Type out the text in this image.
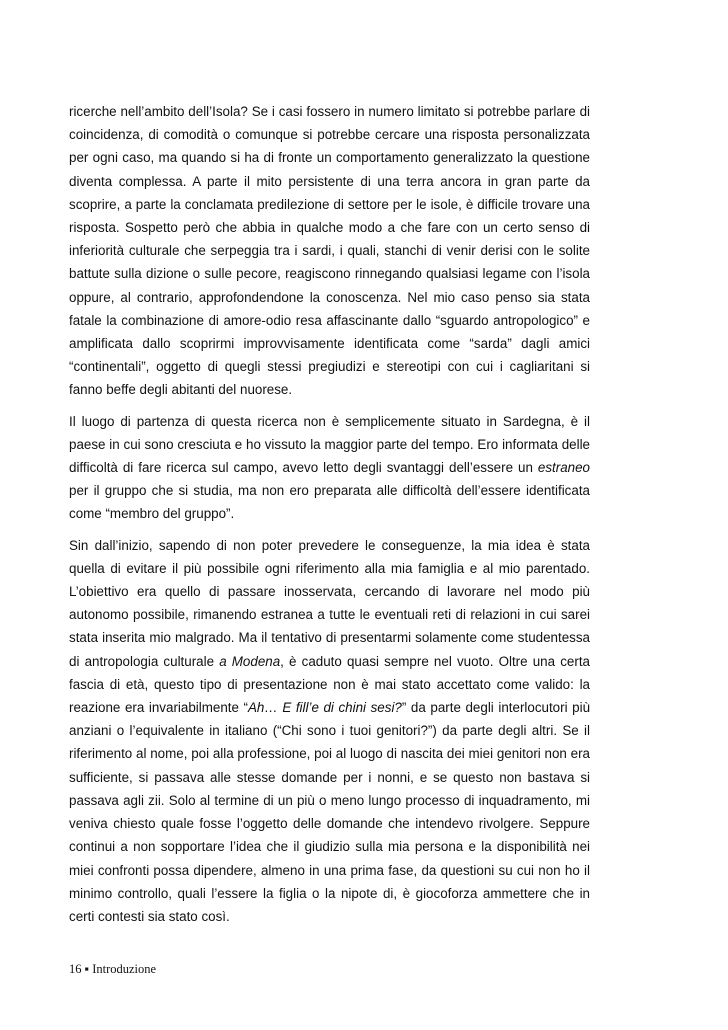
ricerche nell’ambito dell’Isola? Se i casi fossero in numero limitato si potrebbe parlare di coincidenza, di comodità o comunque si potrebbe cercare una risposta personalizzata per ogni caso, ma quando si ha di fronte un comportamento generalizzato la questione diventa complessa. A parte il mito persistente di una terra ancora in gran parte da scoprire, a parte la conclamata predilezione di settore per le isole, è difficile trovare una risposta. Sospetto però che abbia in qualche modo a che fare con un certo senso di inferiorità culturale che serpeggia tra i sardi, i quali, stanchi di venir derisi con le solite battute sulla dizione o sulle pecore, reagiscono rinnegando qualsiasi legame con l’isola oppure, al contrario, approfondendone la conoscenza. Nel mio caso penso sia stata fatale la combinazione di amore-odio resa affascinante dallo “sguardo antropologico” e amplificata dallo scoprirmi improvvisamente identificata come “sarda” dagli amici “continentali”, oggetto di quegli stessi pregiudizi e stereotipi con cui i cagliaritani si fanno beffe degli abitanti del nuorese.

Il luogo di partenza di questa ricerca non è semplicemente situato in Sardegna, è il paese in cui sono cresciuta e ho vissuto la maggior parte del tempo. Ero informata delle difficoltà di fare ricerca sul campo, avevo letto degli svantaggi dell’essere un estraneo per il gruppo che si studia, ma non ero preparata alle difficoltà dell’essere identificata come “membro del gruppo”.

Sin dall’inizio, sapendo di non poter prevedere le conseguenze, la mia idea è stata quella di evitare il più possibile ogni riferimento alla mia famiglia e al mio parentado. L’obiettivo era quello di passare inosservata, cercando di lavorare nel modo più autonomo possibile, rimanendo estranea a tutte le eventuali reti di relazioni in cui sarei stata inserita mio malgrado. Ma il tentativo di presentarmi solamente come studentessa di antropologia culturale a Modena, è caduto quasi sempre nel vuoto. Oltre una certa fascia di età, questo tipo di presentazione non è mai stato accettato come valido: la reazione era invariabilmente “Ah… E fill’e di chini sesi?” da parte degli interlocutori più anziani o l’equivalente in italiano (“Chi sono i tuoi genitori?”) da parte degli altri. Se il riferimento al nome, poi alla professione, poi al luogo di nascita dei miei genitori non era sufficiente, si passava alle stesse domande per i nonni, e se questo non bastava si passava agli zii. Solo al termine di un più o meno lungo processo di inquadramento, mi veniva chiesto quale fosse l’oggetto delle domande che intendevo rivolgere. Seppure continui a non sopportare l’idea che il giudizio sulla mia persona e la disponibilità nei miei confronti possa dipendere, almeno in una prima fase, da questioni su cui non ho il minimo controllo, quali l’essere la figlia o la nipote di, è giocoforza ammettere che in certi contesti sia stato così.

16 ▪ Introduzione
